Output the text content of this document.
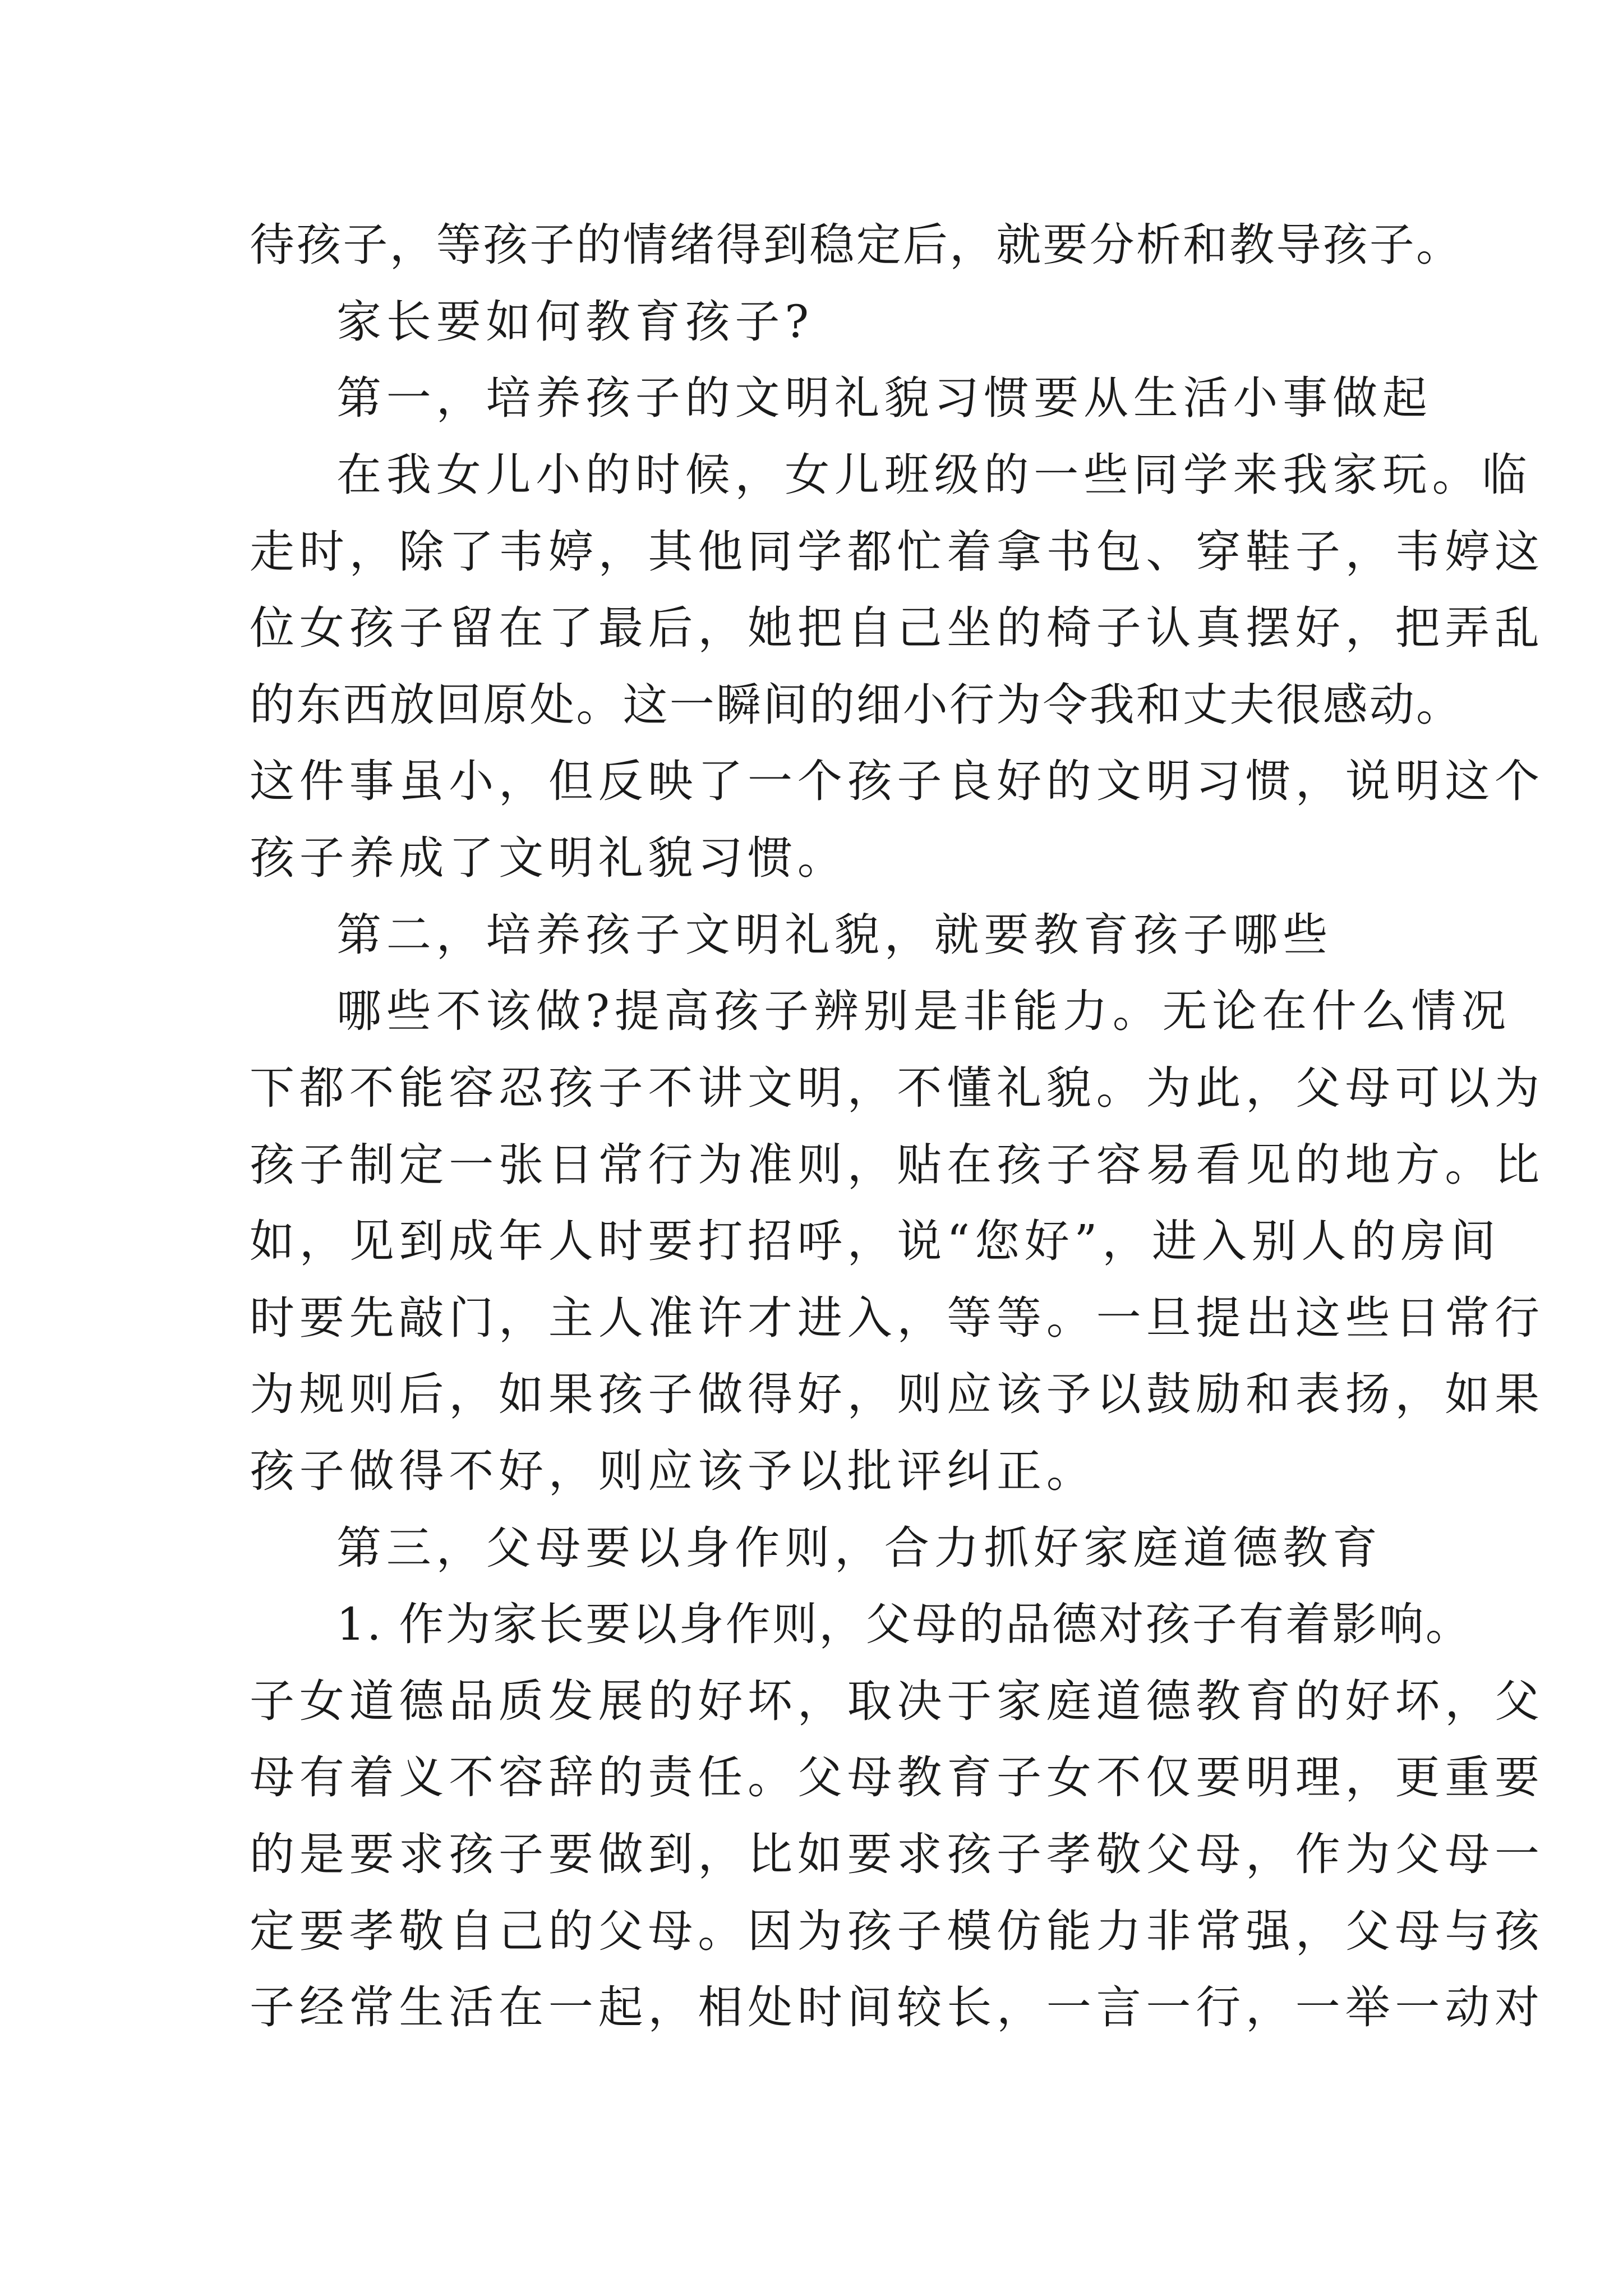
待孩子，等孩子的情绪得到稳定后，就要分析和教导孩子。
家长要如何教育孩子?
第一，培养孩子的文明礼貌习惯要从生活小事做起
在我女儿小的时候，女儿班级的一些同学来我家玩。临
走时，除了韦婷，其他同学都忙着拿书包、穿鞋子，韦婷这
位女孩子留在了最后，她把自己坐的椅子认真摆好，把弄乱
的东西放回原处。这一瞬间的细小行为令我和丈夫很感动。
这件事虽小，但反映了一个孩子良好的文明习惯，说明这个
孩子养成了文明礼貌习惯。
第二，培养孩子文明礼貌，就要教育孩子哪些
哪些不该做?提高孩子辨别是非能力。无论在什么情况
下都不能容忍孩子不讲文明，不懂礼貌。为此，父母可以为
孩子制定一张日常行为准则，贴在孩子容易看见的地方。比
如，见到成年人时要打招呼，说“您好”，进入别人的房间
时要先敲门，主人准许才进入，等等。一旦提出这些日常行
为规则后，如果孩子做得好，则应该予以鼓励和表扬，如果
孩子做得不好，则应该予以批评纠正。
第三，父母要以身作则，合力抓好家庭道德教育
1. 作为家长要以身作则，父母的品德对孩子有着影响。
子女道德品质发展的好坏，取决于家庭道德教育的好坏，父
母有着义不容辞的责任。父母教育子女不仅要明理，更重要
的是要求孩子要做到，比如要求孩子孝敬父母，作为父母一
定要孝敬自己的父母。因为孩子模仿能力非常强，父母与孩
子经常生活在一起，相处时间较长，一言一行，一举一动对
